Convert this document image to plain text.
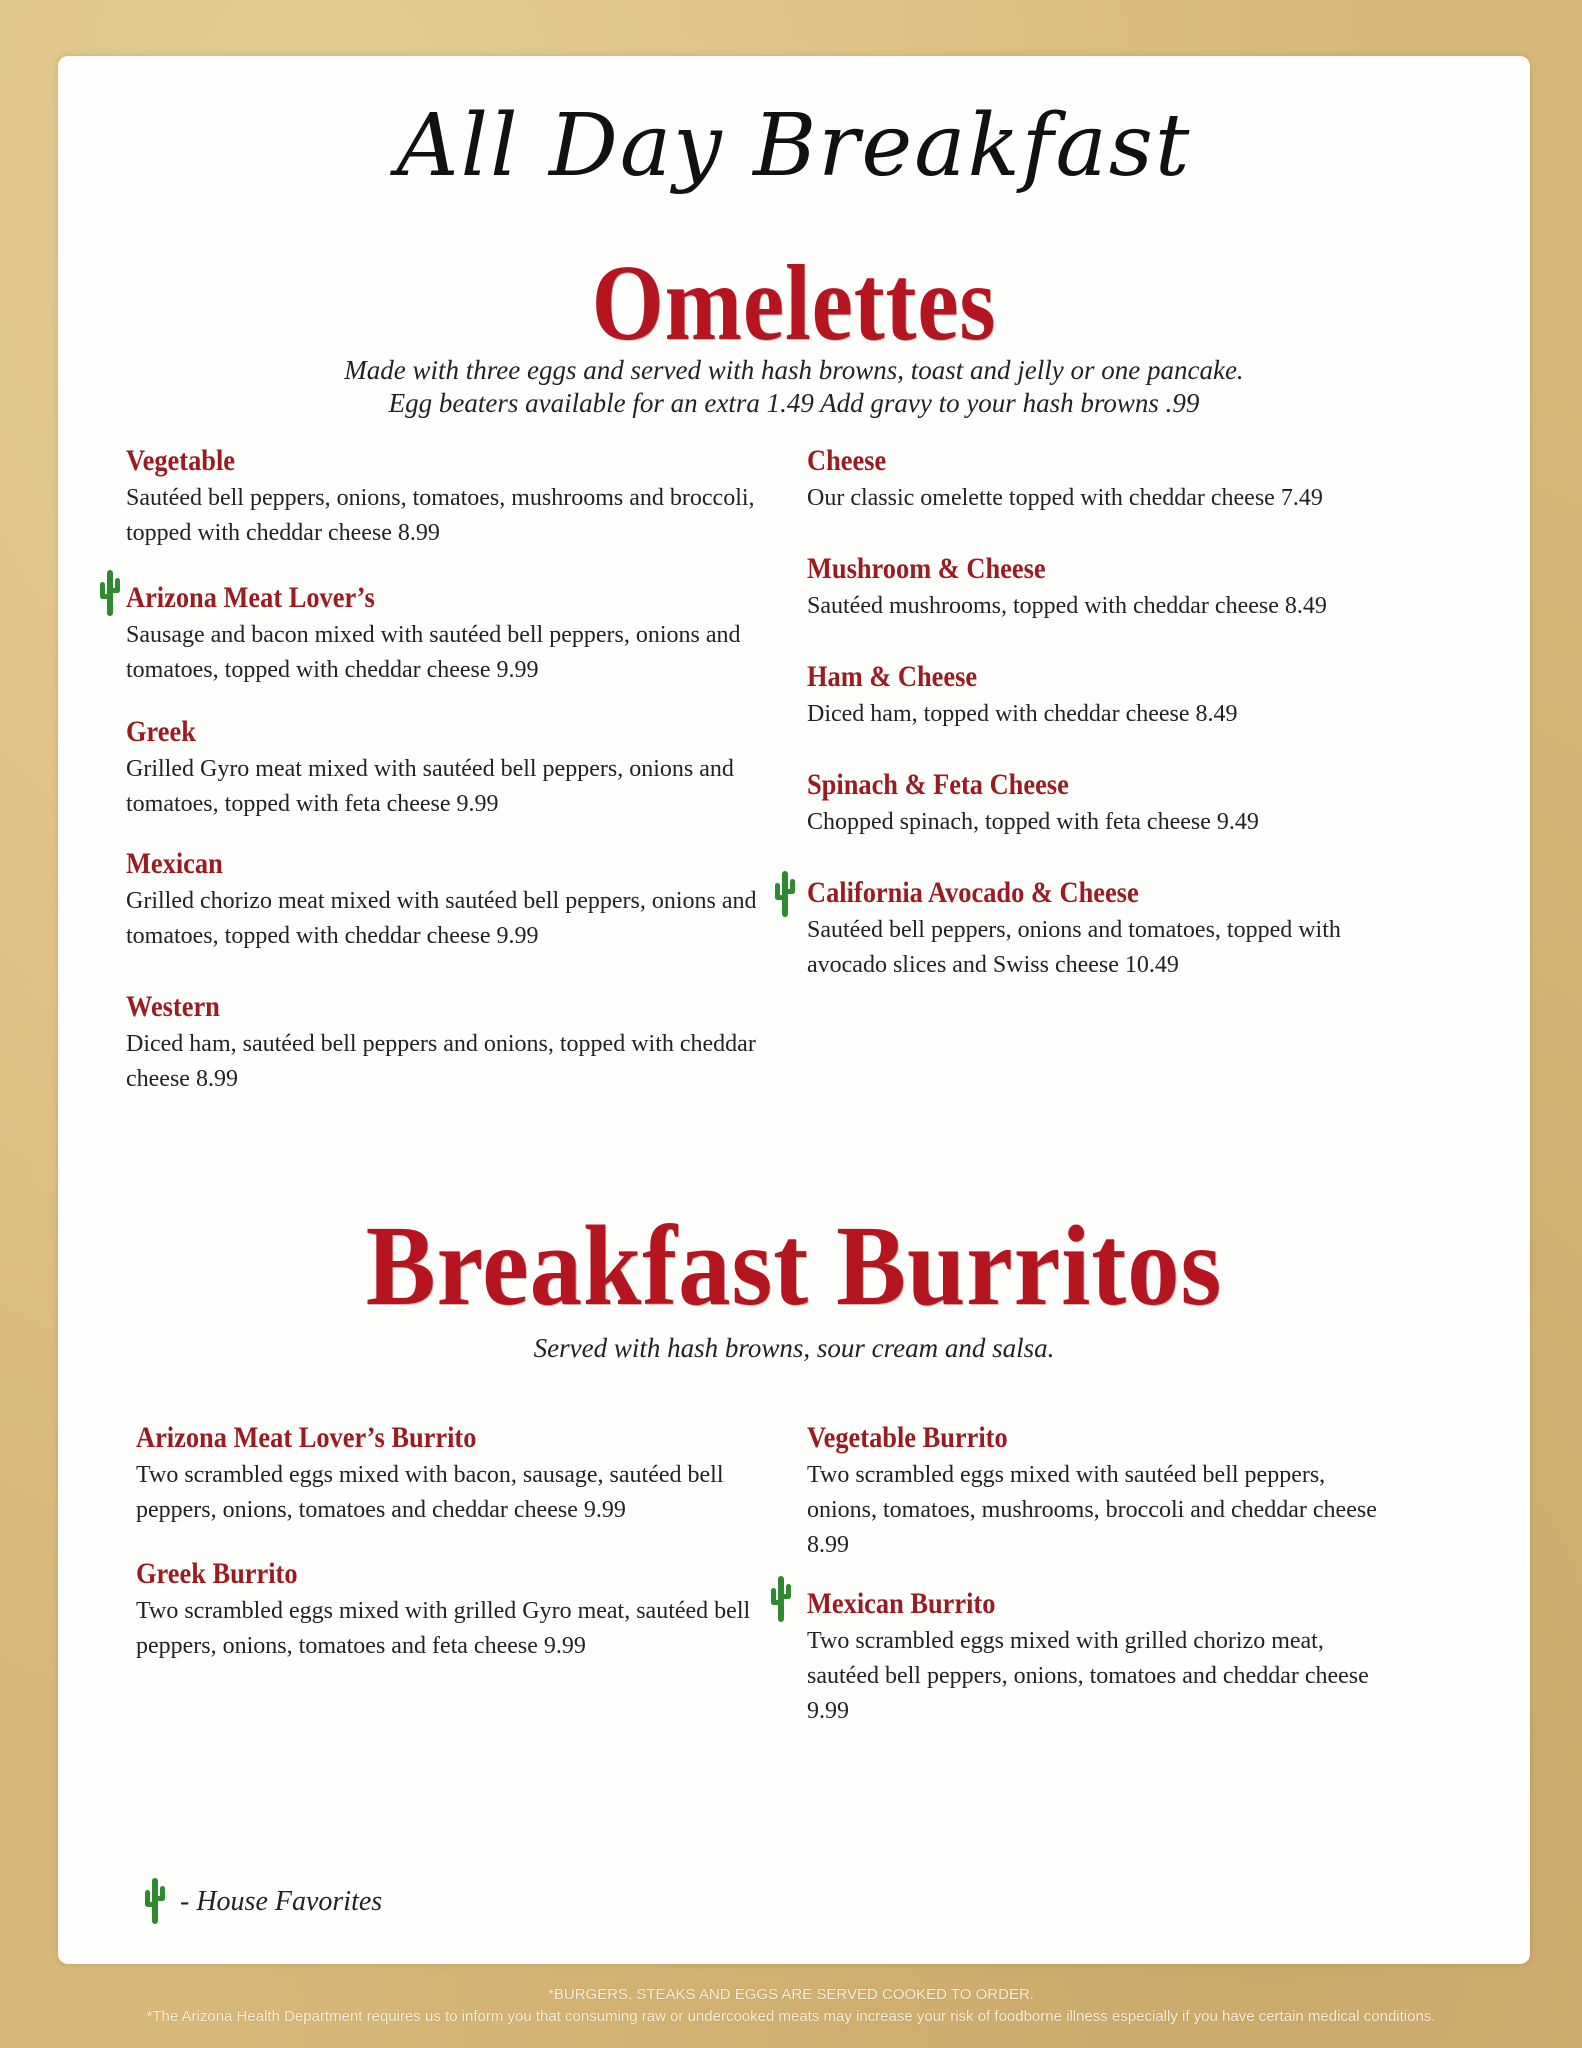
All Day Breakfast
Omelettes
Made with three eggs and served with hash browns, toast and jelly or one pancake.
Egg beaters available for an extra 1.49 Add gravy to your hash browns .99
Vegetable
Sautéed bell peppers, onions, tomatoes, mushrooms and broccoli, topped with cheddar cheese 8.99
Arizona Meat Lover’s
Sausage and bacon mixed with sautéed bell peppers, onions and tomatoes, topped with cheddar cheese 9.99
Greek
Grilled Gyro meat mixed with sautéed bell peppers, onions and tomatoes, topped with feta cheese 9.99
Mexican
Grilled chorizo meat mixed with sautéed bell peppers, onions and tomatoes, topped with cheddar cheese 9.99
Western
Diced ham, sautéed bell peppers and onions, topped with cheddar cheese 8.99
Cheese
Our classic omelette topped with cheddar cheese 7.49
Mushroom & Cheese
Sautéed mushrooms, topped with cheddar cheese 8.49
Ham & Cheese
Diced ham, topped with cheddar cheese 8.49
Spinach & Feta Cheese
Chopped spinach, topped with feta cheese 9.49
California Avocado & Cheese
Sautéed bell peppers, onions and tomatoes, topped with avocado slices and Swiss cheese 10.49
Breakfast Burritos
Served with hash browns, sour cream and salsa.
Arizona Meat Lover’s Burrito
Two scrambled eggs mixed with bacon, sausage, sautéed bell peppers, onions, tomatoes and cheddar cheese 9.99
Greek Burrito
Two scrambled eggs mixed with grilled Gyro meat, sautéed bell peppers, onions, tomatoes and feta cheese 9.99
Vegetable Burrito
Two scrambled eggs mixed with sautéed bell peppers, onions, tomatoes, mushrooms, broccoli and cheddar cheese 8.99
Mexican Burrito
Two scrambled eggs mixed with grilled chorizo meat, sautéed bell peppers, onions, tomatoes and cheddar cheese 9.99
- House Favorites
*BURGERS, STEAKS AND EGGS ARE SERVED COOKED TO ORDER.
*The Arizona Health Department requires us to inform you that consuming raw or undercooked meats may increase your risk of foodborne illness especially if you have certain medical conditions.
